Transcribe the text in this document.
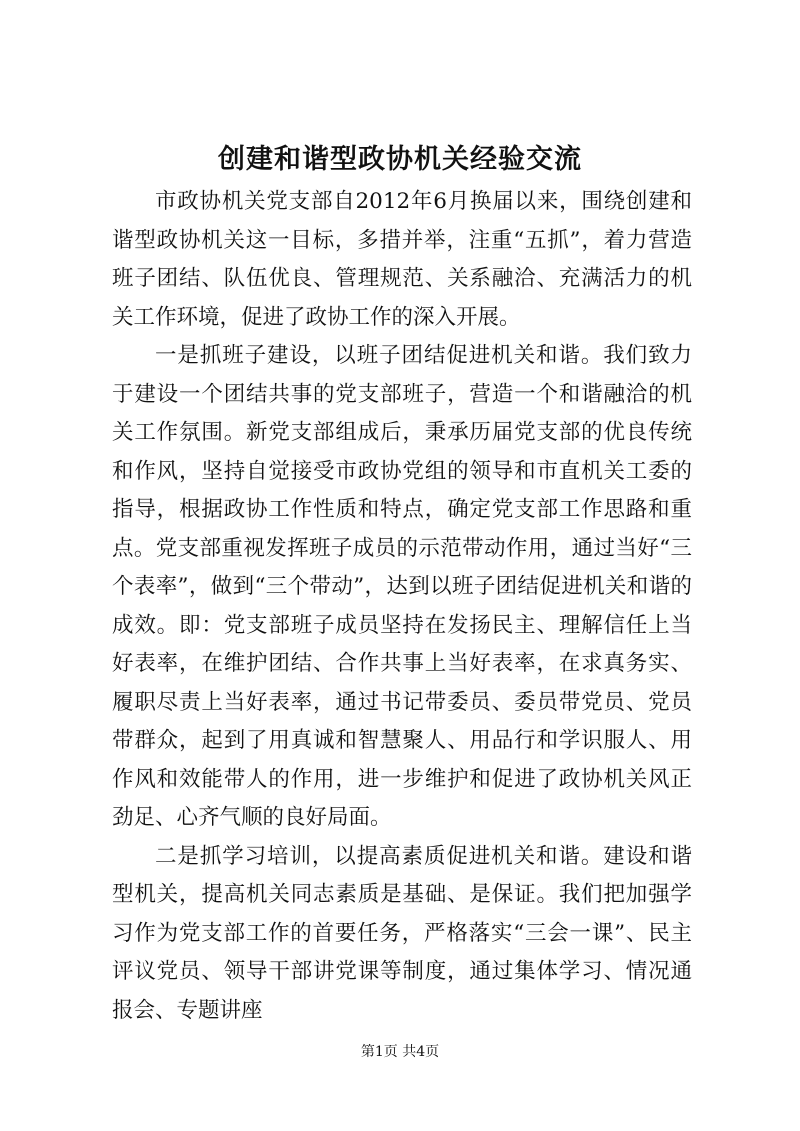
创建和谐型政协机关经验交流

市政协机关党支部自2012年6月换届以来，围绕创建和谐型政协机关这一目标，多措并举，注重“五抓”，着力营造班子团结、队伍优良、管理规范、关系融洽、充满活力的机关工作环境，促进了政协工作的深入开展。

一是抓班子建设，以班子团结促进机关和谐。我们致力于建设一个团结共事的党支部班子，营造一个和谐融洽的机关工作氛围。新党支部组成后，秉承历届党支部的优良传统和作风，坚持自觉接受市政协党组的领导和市直机关工委的指导，根据政协工作性质和特点，确定党支部工作思路和重点。党支部重视发挥班子成员的示范带动作用，通过当好“三个表率”，做到“三个带动”，达到以班子团结促进机关和谐的成效。即：党支部班子成员坚持在发扬民主、理解信任上当好表率，在维护团结、合作共事上当好表率，在求真务实、履职尽责上当好表率，通过书记带委员、委员带党员、党员带群众，起到了用真诚和智慧聚人、用品行和学识服人、用作风和效能带人的作用，进一步维护和促进了政协机关风正劲足、心齐气顺的良好局面。

二是抓学习培训，以提高素质促进机关和谐。建设和谐型机关，提高机关同志素质是基础、是保证。我们把加强学习作为党支部工作的首要任务，严格落实“三会一课”、民主评议党员、领导干部讲党课等制度，通过集体学习、情况通报会、专题讲座

第1页 共4页
